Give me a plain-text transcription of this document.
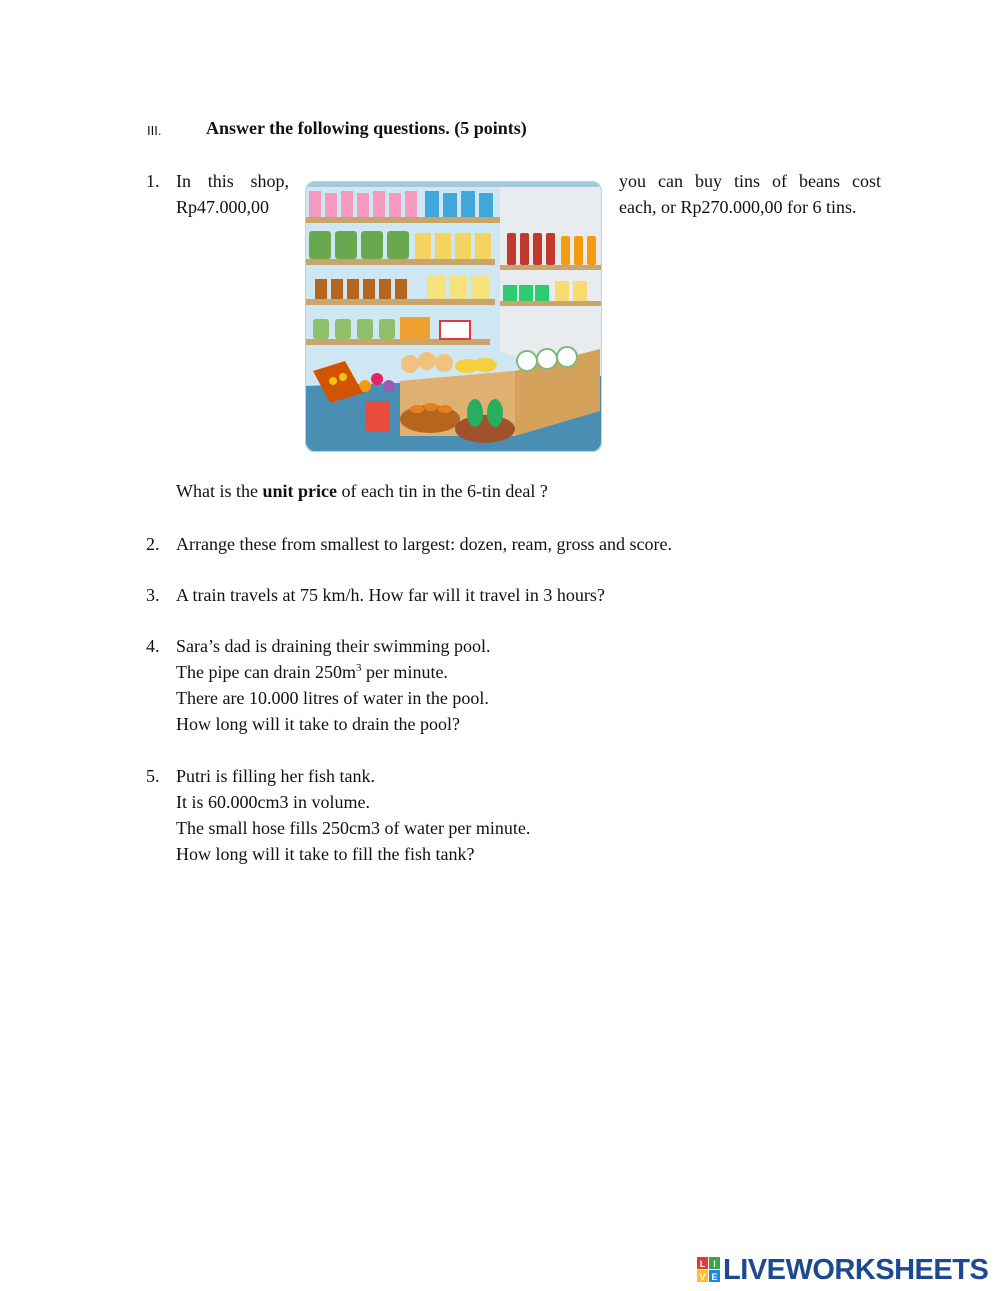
III. Answer the following questions. (5 points)
1. In this shop,
Rp47.000,00
you can buy tins of beans cost
each, or Rp270.000,00 for 6 tins.
What is the unit price of each tin in the 6-tin deal ?
2. Arrange these from smallest to largest: dozen, ream, gross and score.
3. A train travels at 75 km/h. How far will it travel in 3 hours?
4. Sara’s dad is draining their swimming pool.
The pipe can drain $250m^3$ per minute.
There are 10.000 litres of water in the pool.
How long will it take to drain the pool?
5. Putri is filling her fish tank.
It is 60.000cm3 in volume.
The small hose fills 250cm3 of water per minute.
How long will it take to fill the fish tank?
L I
V E LIVEWORKSHEETS
